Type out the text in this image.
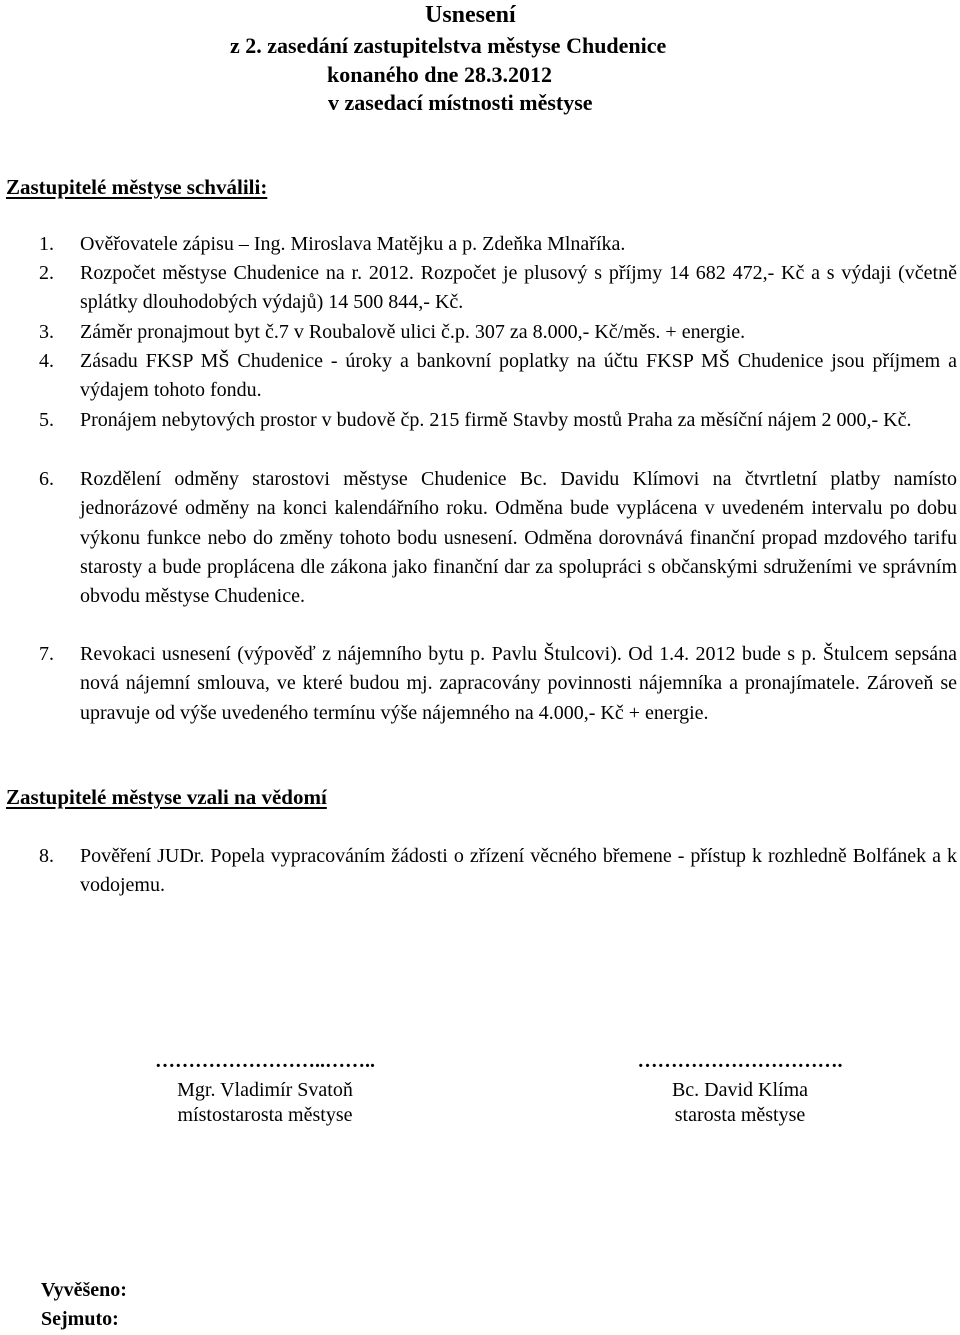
Usnesení
z 2. zasedání zastupitelstva městyse Chudenice
konaného dne 28.3.2012
v zasedací místnosti městyse
Zastupitelé městyse schválili:
1. Ověřovatele zápisu – Ing. Miroslava Matějku a p. Zdeňka Mlnaříka.
2. Rozpočet městyse Chudenice na r. 2012. Rozpočet je plusový s příjmy 14 682 472,- Kč a s výdaji (včetně splátky dlouhodobých výdajů) 14 500 844,- Kč.
3. Záměr pronajmout byt č.7 v Roubalově ulici č.p. 307 za 8.000,- Kč/měs. + energie.
4. Zásadu FKSP MŠ Chudenice - úroky a bankovní poplatky na účtu FKSP MŠ Chudenice jsou příjmem a výdajem tohoto fondu.
5. Pronájem nebytových prostor v budově čp. 215 firmě Stavby mostů Praha za měsíční nájem 2 000,- Kč.
6. Rozdělení odměny starostovi městyse Chudenice Bc. Davidu Klímovi na čtvrtletní platby namísto jednorázové odměny na konci kalendářního roku. Odměna bude vyplácena v uvedeném intervalu po dobu výkonu funkce nebo do změny tohoto bodu usnesení. Odměna dorovnává finanční propad mzdového tarifu starosty a bude proplácena dle zákona jako finanční dar za spolupráci s občanskými sdruženími ve správním obvodu městyse Chudenice.
7. Revokaci usnesení (výpověď z nájemního bytu p. Pavlu Štulcovi). Od 1.4. 2012 bude s p. Štulcem sepsána nová nájemní smlouva, ve které budou mj. zapracovány povinnosti nájemníka a pronajímatele. Zároveň se upravuje od výše uvedeného termínu výše nájemného na 4.000,- Kč + energie.
Zastupitelé městyse vzali na vědomí
8. Pověření JUDr. Popela vypracováním žádosti o zřízení věcného břemene - přístup k rozhledně Bolfánek a k vodojemu.
……………………..……..
Mgr. Vladimír Svatoň
místostarosta městyse
………………………….
Bc. David Klíma
starosta městyse
Vyvěšeno:
Sejmuto:
